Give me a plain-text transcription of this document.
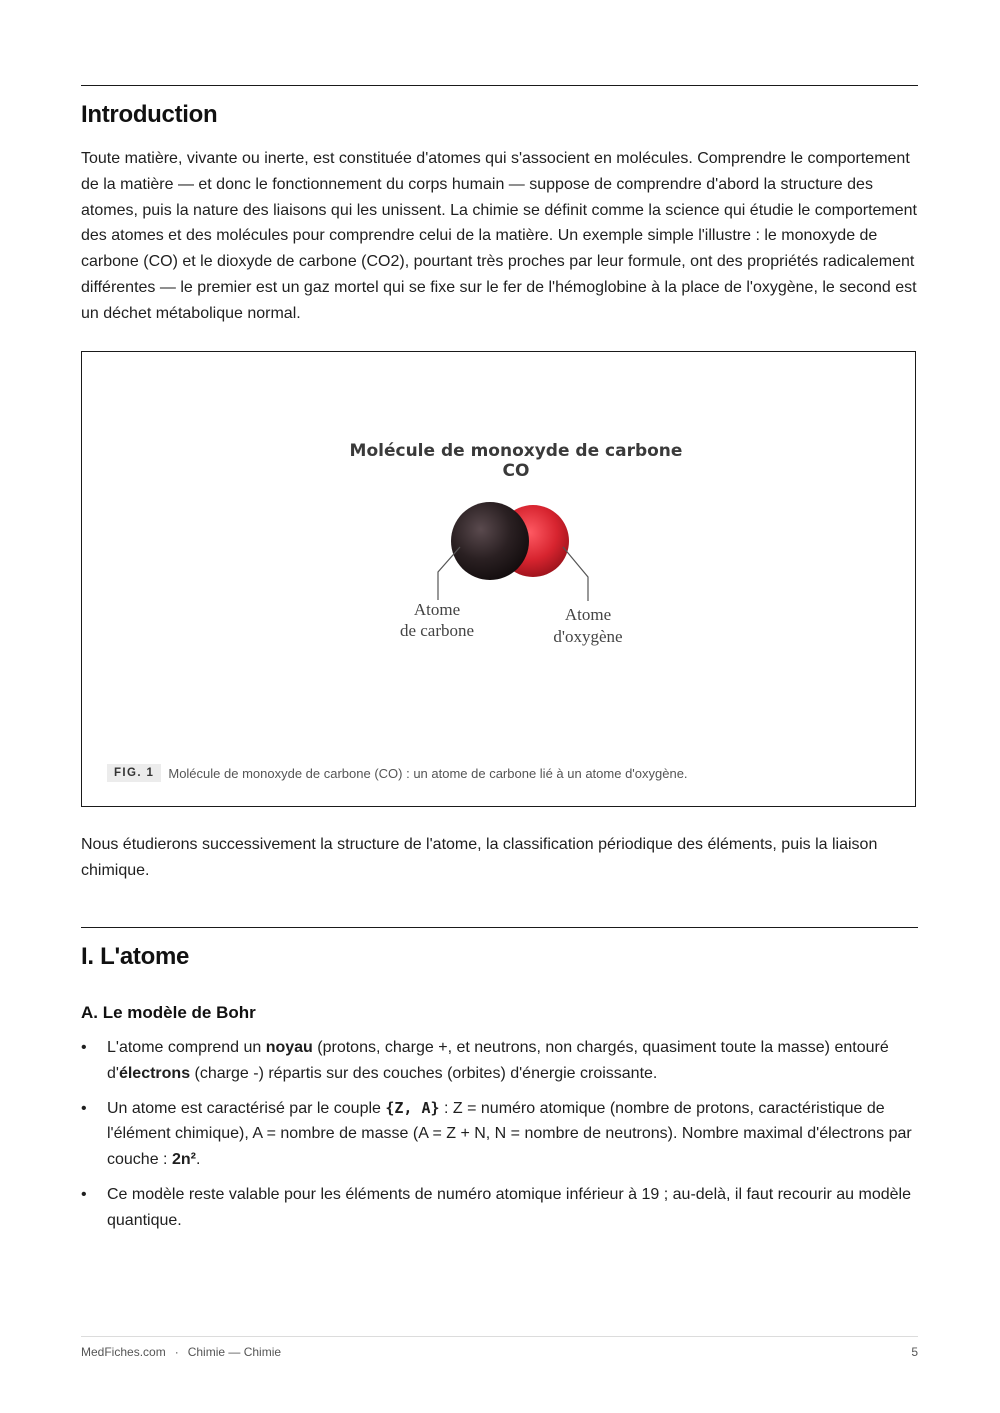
Introduction

Toute matière, vivante ou inerte, est constituée d'atomes qui s'associent en molécules. Comprendre le comportement de la matière — et donc le fonctionnement du corps humain — suppose de comprendre d'abord la structure des atomes, puis la nature des liaisons qui les unissent. La chimie se définit comme la science qui étudie le comportement des atomes et des molécules pour comprendre celui de la matière. Un exemple simple l'illustre : le monoxyde de carbone (CO) et le dioxyde de carbone (CO2), pourtant très proches par leur formule, ont des propriétés radicalement différentes — le premier est un gaz mortel qui se fixe sur le fer de l'hémoglobine à la place de l'oxygène, le second est un déchet métabolique normal.

Molécule de monoxyde de carbone
CO
Atome
de carbone
Atome
d'oxygène
FIG. 1	Molécule de monoxyde de carbone (CO) : un atome de carbone lié à un atome d'oxygène.

Nous étudierons successivement la structure de l'atome, la classification périodique des éléments, puis la liaison chimique.

I. L'atome
A. Le modèle de Bohr
• L'atome comprend un noyau (protons, charge +, et neutrons, non chargés, quasiment toute la masse) entouré d'électrons (charge -) répartis sur des couches (orbites) d'énergie croissante.
• Un atome est caractérisé par le couple {Z, A} : Z = numéro atomique (nombre de protons, caractéristique de l'élément chimique), A = nombre de masse (A = Z + N, N = nombre de neutrons). Nombre maximal d'électrons par couche : 2n².
• Ce modèle reste valable pour les éléments de numéro atomique inférieur à 19 ; au-delà, il faut recourir au modèle quantique.
MedFiches.com · Chimie — Chimie	5
